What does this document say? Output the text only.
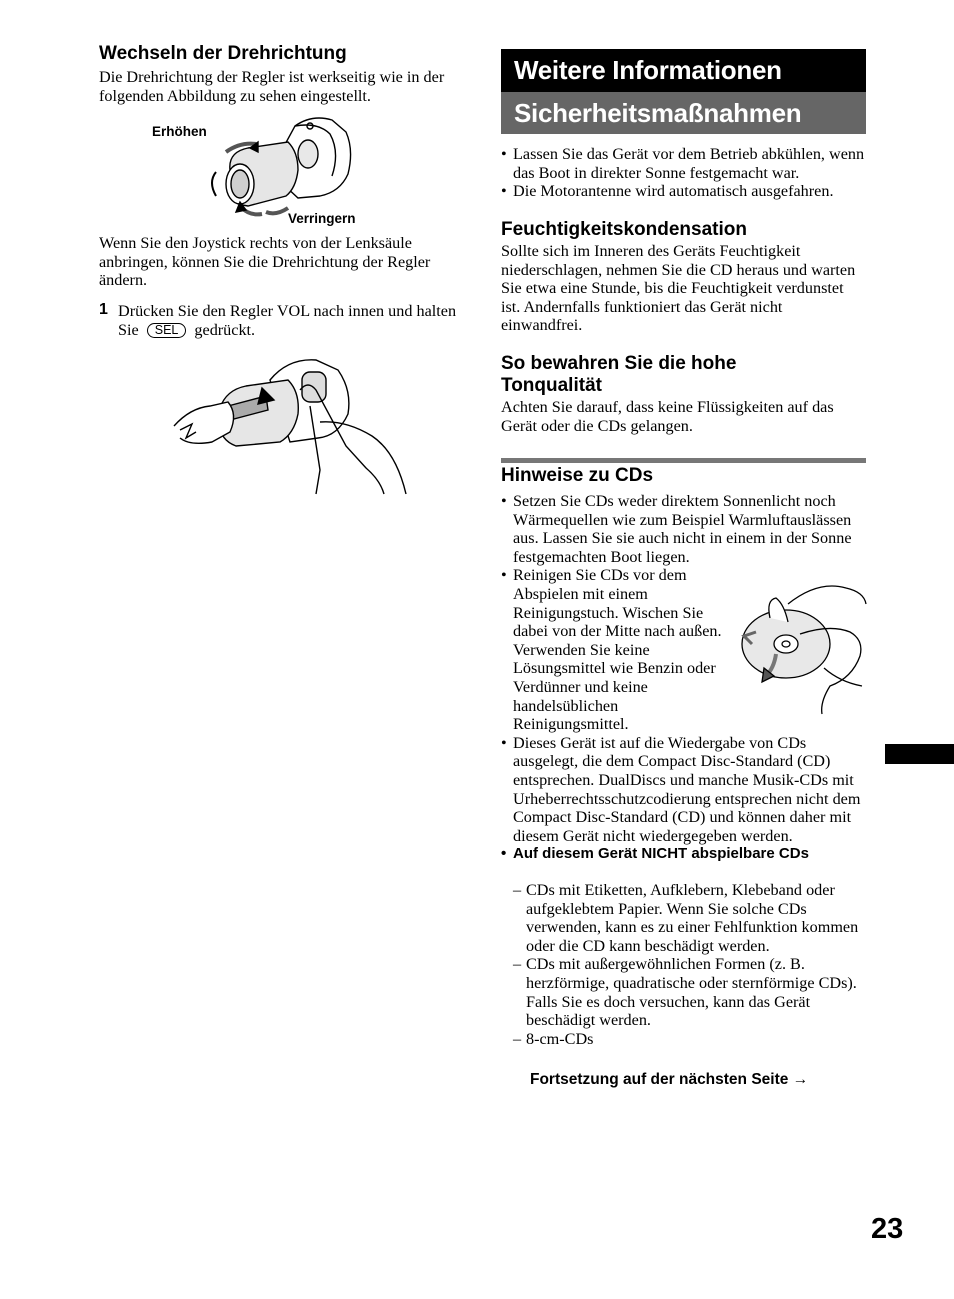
Wechseln der Drehrichtung

Die Drehrichtung der Regler ist werkseitig wie in der folgenden Abbildung zu sehen eingestellt.

Erhöhen
Verringern

Wenn Sie den Joystick rechts von der Lenksäule anbringen, können Sie die Drehrichtung der Regler ändern.

1 Drücken Sie den Regler VOL nach innen und halten Sie SEL gedrückt.

Weitere Informationen
Sicherheitsmaßnahmen
• Lassen Sie das Gerät vor dem Betrieb abkühlen, wenn das Boot in direkter Sonne festgemacht war.
• Die Motorantenne wird automatisch ausgefahren.
Feuchtigkeitskondensation

Sollte sich im Inneren des Geräts Feuchtigkeit niederschlagen, nehmen Sie die CD heraus und warten Sie etwa eine Stunde, bis die Feuchtigkeit verdunstet ist. Andernfalls funktioniert das Gerät nicht einwandfrei.

So bewahren Sie die hohe Tonqualität

Achten Sie darauf, dass keine Flüssigkeiten auf das Gerät oder die CDs gelangen.

Hinweise zu CDs
• Setzen Sie CDs weder direktem Sonnenlicht noch Wärmequellen wie zum Beispiel Warmluftauslässen aus. Lassen Sie sie auch nicht in einem in der Sonne festgemachten Boot liegen.
• Reinigen Sie CDs vor dem Abspielen mit einem Reinigungstuch. Wischen Sie dabei von der Mitte nach außen. Verwenden Sie keine Lösungsmittel wie Benzin oder Verdünner und keine handelsüblichen Reinigungsmittel.
• Dieses Gerät ist auf die Wiedergabe von CDs ausgelegt, die dem Compact Disc-Standard (CD) entsprechen. DualDiscs und manche Musik-CDs mit Urheberrechtsschutzcodierung entsprechen nicht dem Compact Disc-Standard (CD) und können daher mit diesem Gerät nicht wiedergegeben werden.
• Auf diesem Gerät NICHT abspielbare CDs
– CDs mit Etiketten, Aufklebern, Klebeband oder aufgeklebtem Papier. Wenn Sie solche CDs verwenden, kann es zu einer Fehlfunktion kommen oder die CD kann beschädigt werden.
– CDs mit außergewöhnlichen Formen (z. B. herzförmige, quadratische oder sternförmige CDs). Falls Sie es doch versuchen, kann das Gerät beschädigt werden.
– 8-cm-CDs
Fortsetzung auf der nächsten Seite →
23
